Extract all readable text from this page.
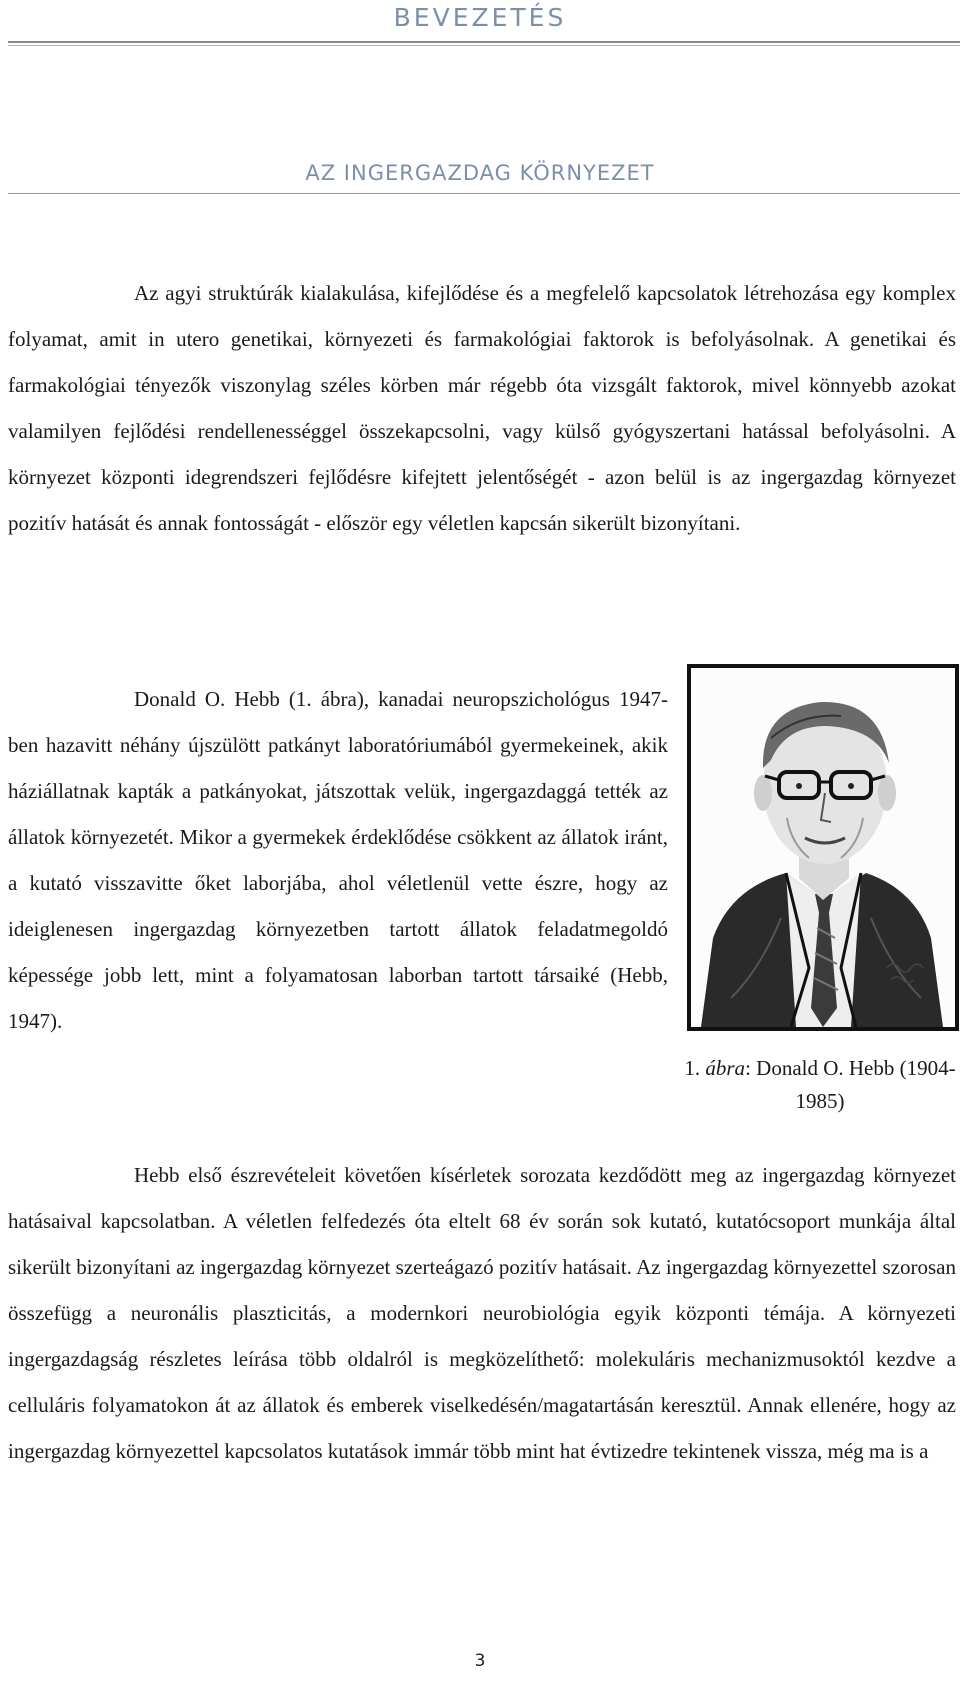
BEVEZETÉS
AZ INGERGAZDAG KÖRNYEZET

Az agyi struktúrák kialakulása, kifejlődése és a megfelelő kapcsolatok létrehozása egy komplex folyamat, amit in utero genetikai, környezeti és farmakológiai faktorok is befolyásolnak. A genetikai és farmakológiai tényezők viszonylag széles körben már régebb óta vizsgált faktorok, mivel könnyebb azokat valamilyen fejlődési rendellenességgel összekapcsolni, vagy külső gyógyszertani hatással befolyásolni. A környezet központi idegrendszeri fejlődésre kifejtett jelentőségét - azon belül is az ingergazdag környezet pozitív hatását és annak fontosságát - először egy véletlen kapcsán sikerült bizonyítani.

Donald O. Hebb (1. ábra), kanadai neuropszichológus 1947-ben hazavitt néhány újszülött patkányt laboratóriumából gyermekeinek, akik háziállatnak kapták a patkányokat, játszottak velük, ingergazdaggá tették az állatok környezetét. Mikor a gyermekek érdeklődése csökkent az állatok iránt, a kutató visszavitte őket laborjába, ahol véletlenül vette észre, hogy az ideiglenesen ingergazdag környezetben tartott állatok feladatmegoldó képessége jobb lett, mint a folyamatosan laborban tartott társaiké (Hebb, 1947).

1. ábra: Donald O. Hebb (1904-1985)

Hebb első észrevételeit követően kísérletek sorozata kezdődött meg az ingergazdag környezet hatásaival kapcsolatban. A véletlen felfedezés óta eltelt 68 év során sok kutató, kutatócsoport munkája által sikerült bizonyítani az ingergazdag környezet szerteágazó pozitív hatásait. Az ingergazdag környezettel szorosan összefügg a neuronális plaszticitás, a modernkori neurobiológia egyik központi témája. A környezeti ingergazdagság részletes leírása több oldalról is megközelíthető: molekuláris mechanizmusoktól kezdve a celluláris folyamatokon át az állatok és emberek viselkedésén/magatartásán keresztül. Annak ellenére, hogy az ingergazdag környezettel kapcsolatos kutatások immár több mint hat évtizedre tekintenek vissza, még ma is a

3
